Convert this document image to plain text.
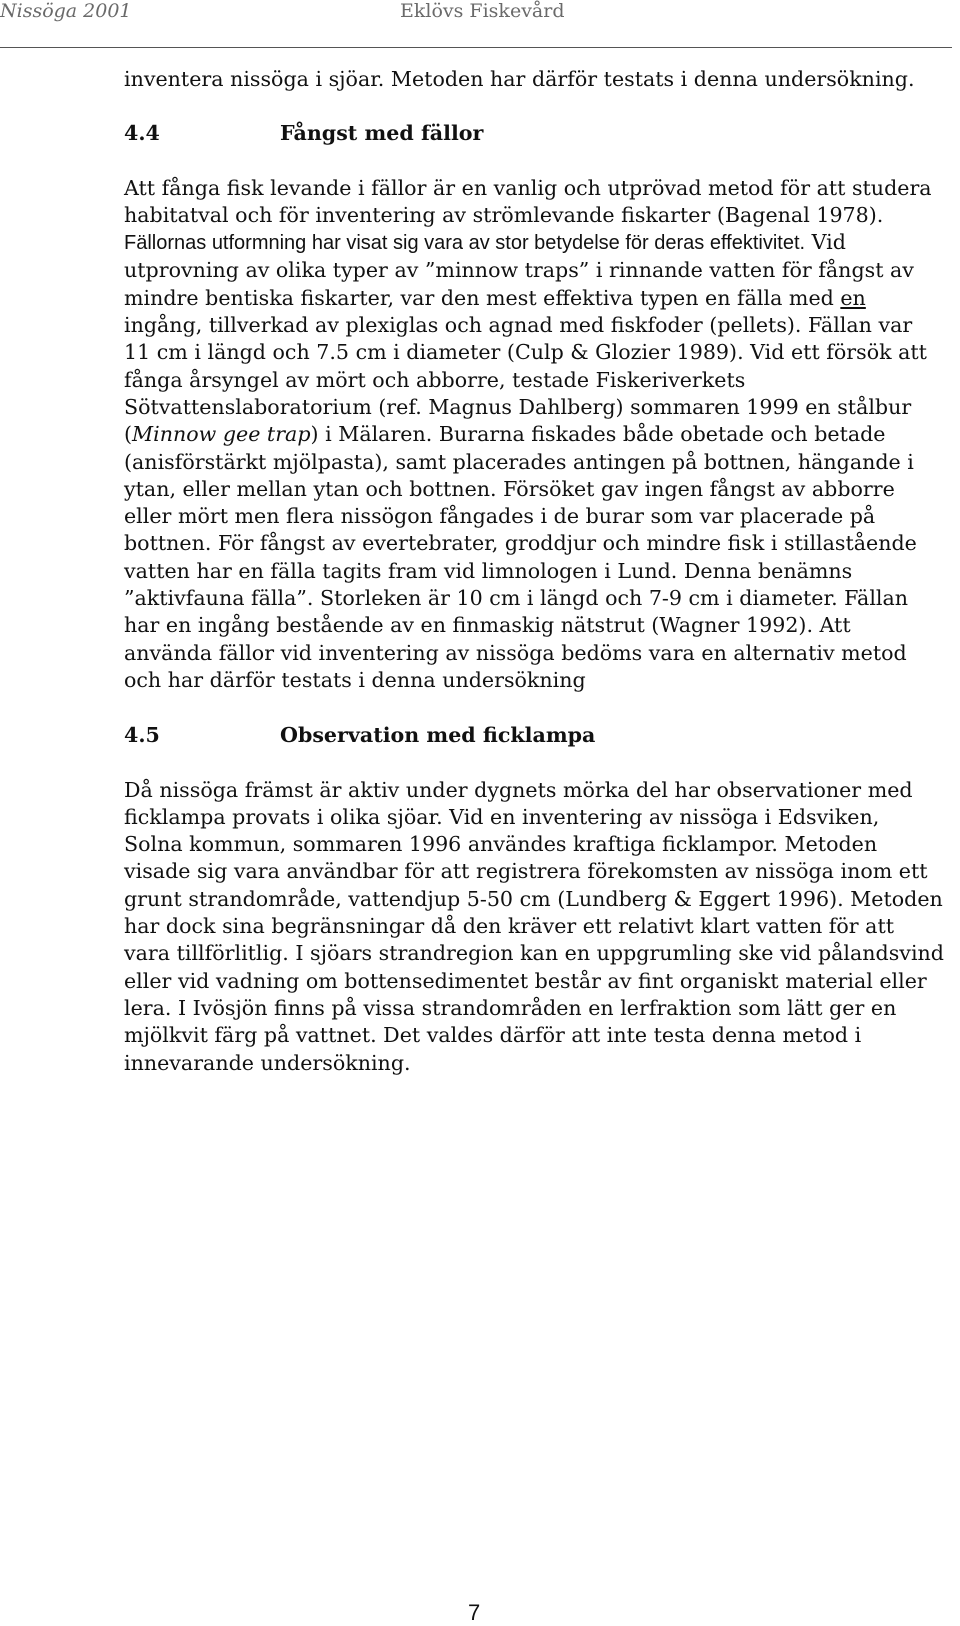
Nissöga 2001	Eklövs Fiskevård

inventera nissöga i sjöar. Metoden har därför testats i denna undersökning.

4.4	Fångst med fällor

Att fånga fisk levande i fällor är en vanlig och utprövad metod för att studera habitatval och för inventering av strömlevande fiskarter (Bagenal 1978). Fällornas utformning har visat sig vara av stor betydelse för deras effektivitet. Vid utprovning av olika typer av ”minnow traps” i rinnande vatten för fångst av mindre bentiska fiskarter, var den mest effektiva typen en fälla med en ingång, tillverkad av plexiglas och agnad med fiskfoder (pellets). Fällan var 11 cm i längd och 7.5 cm i diameter (Culp & Glozier 1989). Vid ett försök att fånga årsyngel av mört och abborre, testade Fiskeriverkets Sötvattenslaboratorium (ref. Magnus Dahlberg) sommaren 1999 en stålbur (Minnow gee trap) i Mälaren. Burarna fiskades både obetade och betade (anisförstärkt mjölpasta), samt placerades antingen på bottnen, hängande i ytan, eller mellan ytan och bottnen. Försöket gav ingen fångst av abborre eller mört men flera nissögon fångades i de burar som var placerade på bottnen. För fångst av evertebrater, groddjur och mindre fisk i stillastående vatten har en fälla tagits fram vid limnologen i Lund. Denna benämns ”aktivfauna fälla”. Storleken är 10 cm i längd och 7-9 cm i diameter. Fällan har en ingång bestående av en finmaskig nätstrut (Wagner 1992). Att använda fällor vid inventering av nissöga bedöms vara en alternativ metod och har därför testats i denna undersökning

4.5	Observation med ficklampa

Då nissöga främst är aktiv under dygnets mörka del har observationer med ficklampa provats i olika sjöar. Vid en inventering av nissöga i Edsviken, Solna kommun, sommaren 1996 användes kraftiga ficklampor. Metoden visade sig vara användbar för att registrera förekomsten av nissöga inom ett grunt strandområde, vattendjup 5-50 cm (Lundberg & Eggert 1996). Metoden har dock sina begränsningar då den kräver ett relativt klart vatten för att vara tillförlitlig. I sjöars strandregion kan en uppgrumling ske vid pålandsvind eller vid vadning om bottensedimentet består av fint organiskt material eller lera. I Ivösjön finns på vissa strandområden en lerfraktion som lätt ger en mjölkvit färg på vattnet. Det valdes därför att inte testa denna metod i innevarande undersökning.

7
